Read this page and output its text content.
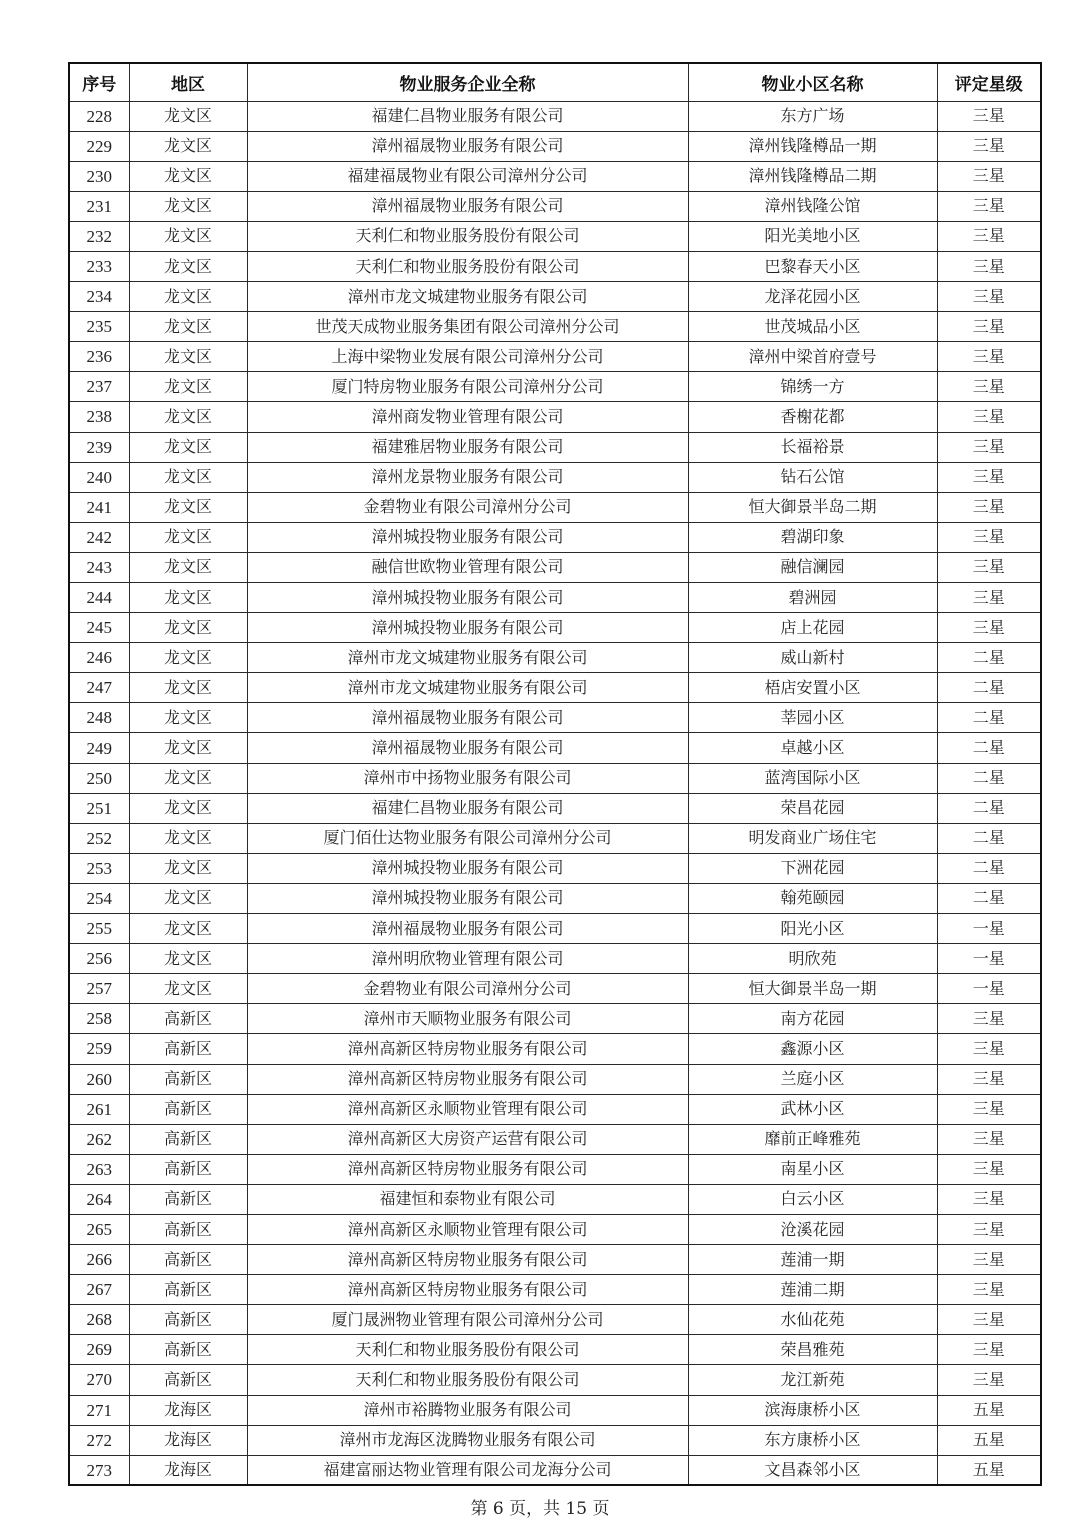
序号	地区	物业服务企业全称	物业小区名称	评定星级
228	龙文区	福建仁昌物业服务有限公司	东方广场	三星
229	龙文区	漳州福晟物业服务有限公司	漳州钱隆樽品一期	三星
230	龙文区	福建福晟物业有限公司漳州分公司	漳州钱隆樽品二期	三星
231	龙文区	漳州福晟物业服务有限公司	漳州钱隆公馆	三星
232	龙文区	天利仁和物业服务股份有限公司	阳光美地小区	三星
233	龙文区	天利仁和物业服务股份有限公司	巴黎春天小区	三星
234	龙文区	漳州市龙文城建物业服务有限公司	龙泽花园小区	三星
235	龙文区	世茂天成物业服务集团有限公司漳州分公司	世茂城品小区	三星
236	龙文区	上海中梁物业发展有限公司漳州分公司	漳州中梁首府壹号	三星
237	龙文区	厦门特房物业服务有限公司漳州分公司	锦绣一方	三星
238	龙文区	漳州商发物业管理有限公司	香榭花都	三星
239	龙文区	福建雅居物业服务有限公司	长福裕景	三星
240	龙文区	漳州龙景物业服务有限公司	钻石公馆	三星
241	龙文区	金碧物业有限公司漳州分公司	恒大御景半岛二期	三星
242	龙文区	漳州城投物业服务有限公司	碧湖印象	三星
243	龙文区	融信世欧物业管理有限公司	融信澜园	三星
244	龙文区	漳州城投物业服务有限公司	碧洲园	三星
245	龙文区	漳州城投物业服务有限公司	店上花园	三星
246	龙文区	漳州市龙文城建物业服务有限公司	威山新村	二星
247	龙文区	漳州市龙文城建物业服务有限公司	梧店安置小区	二星
248	龙文区	漳州福晟物业服务有限公司	莘园小区	二星
249	龙文区	漳州福晟物业服务有限公司	卓越小区	二星
250	龙文区	漳州市中扬物业服务有限公司	蓝湾国际小区	二星
251	龙文区	福建仁昌物业服务有限公司	荣昌花园	二星
252	龙文区	厦门佰仕达物业服务有限公司漳州分公司	明发商业广场住宅	二星
253	龙文区	漳州城投物业服务有限公司	下洲花园	二星
254	龙文区	漳州城投物业服务有限公司	翰苑颐园	二星
255	龙文区	漳州福晟物业服务有限公司	阳光小区	一星
256	龙文区	漳州明欣物业管理有限公司	明欣苑	一星
257	龙文区	金碧物业有限公司漳州分公司	恒大御景半岛一期	一星
258	高新区	漳州市天顺物业服务有限公司	南方花园	三星
259	高新区	漳州高新区特房物业服务有限公司	鑫源小区	三星
260	高新区	漳州高新区特房物业服务有限公司	兰庭小区	三星
261	高新区	漳州高新区永顺物业管理有限公司	武林小区	三星
262	高新区	漳州高新区大房资产运营有限公司	靡前正峰雅苑	三星
263	高新区	漳州高新区特房物业服务有限公司	南星小区	三星
264	高新区	福建恒和泰物业有限公司	白云小区	三星
265	高新区	漳州高新区永顺物业管理有限公司	沧溪花园	三星
266	高新区	漳州高新区特房物业服务有限公司	莲浦一期	三星
267	高新区	漳州高新区特房物业服务有限公司	莲浦二期	三星
268	高新区	厦门晟洲物业管理有限公司漳州分公司	水仙花苑	三星
269	高新区	天利仁和物业服务股份有限公司	荣昌雅苑	三星
270	高新区	天利仁和物业服务股份有限公司	龙江新苑	三星
271	龙海区	漳州市裕腾物业服务有限公司	滨海康桥小区	五星
272	龙海区	漳州市龙海区泷腾物业服务有限公司	东方康桥小区	五星
273	龙海区	福建富丽达物业管理有限公司龙海分公司	文昌森邻小区	五星
第 6 页，共 15 页
